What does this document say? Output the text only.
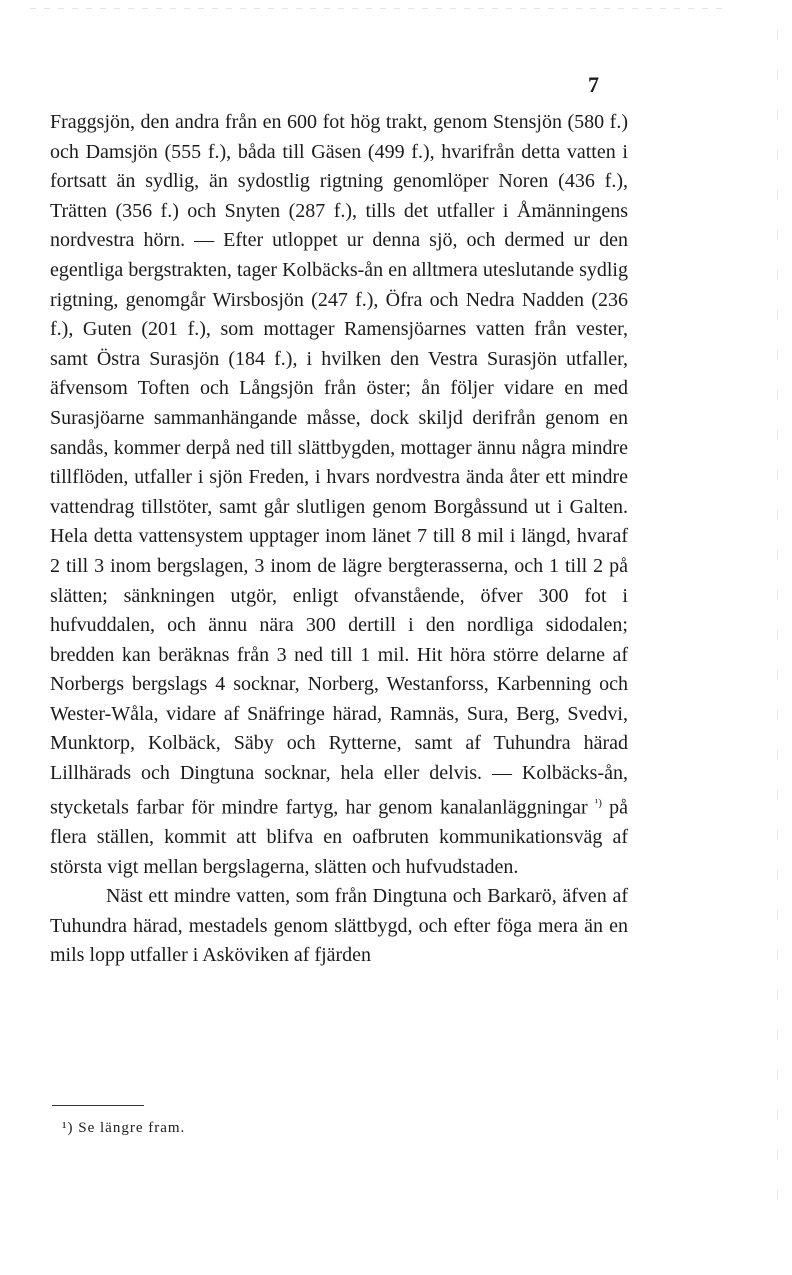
7

Fraggsjön, den andra från en 600 fot hög trakt, genom Stensjön (580 f.) och Damsjön (555 f.), båda till Gäsen (499 f.), hvarifrån detta vatten i fortsatt än sydlig, än sydostlig rigtning genomlöper Noren (436 f.), Trätten (356 f.) och Snyten (287 f.), tills det utfaller i Åmänningens nordvestra hörn. — Efter utloppet ur denna sjö, och dermed ur den egentliga bergstrakten, tager Kolbäcks-ån en alltmera uteslutande sydlig rigtning, genomgår Wirsbosjön (247 f.), Öfra och Nedra Nadden (236 f.), Guten (201 f.), som mottager Ramensjöarnes vatten från vester, samt Östra Surasjön (184 f.), i hvilken den Vestra Surasjön utfaller, äfvensom Toften och Långsjön från öster; ån följer vidare en med Surasjöarne sammanhängande måsse, dock skiljd derifrån genom en sandås, kommer derpå ned till slättbygden, mottager ännu några mindre tillflöden, utfaller i sjön Freden, i hvars nordvestra ända åter ett mindre vattendrag tillstöter, samt går slutligen genom Borgåssund ut i Galten. Hela detta vattensystem upptager inom länet 7 till 8 mil i längd, hvaraf 2 till 3 inom bergslagen, 3 inom de lägre bergterasserna, och 1 till 2 på slätten; sänkningen utgör, enligt ofvanstående, öfver 300 fot i hufvuddalen, och ännu nära 300 dertill i den nordliga sidodalen; bredden kan beräknas från 3 ned till 1 mil. Hit höra större delarne af Norbergs bergslags 4 socknar, Norberg, Westanforss, Karbenning och Wester-Wåla, vidare af Snäfringe härad, Ramnäs, Sura, Berg, Svedvi, Munktorp, Kolbäck, Säby och Rytterne, samt af Tuhundra härad Lillhärads och Dingtuna socknar, hela eller delvis. — Kolbäcks-ån, stycketals farbar för mindre fartyg, har genom kanalanläggningar $^{^1)}$ på flera ställen, kommit att blifva en oafbruten kommunikationsväg af största vigt mellan bergslagerna, slätten och hufvudstaden.

Näst ett mindre vatten, som från Dingtuna och Barkarö, äfven af Tuhundra härad, mestadels genom slättbygd, och efter föga mera än en mils lopp utfaller i Asköviken af fjärden

¹) Se längre fram.
